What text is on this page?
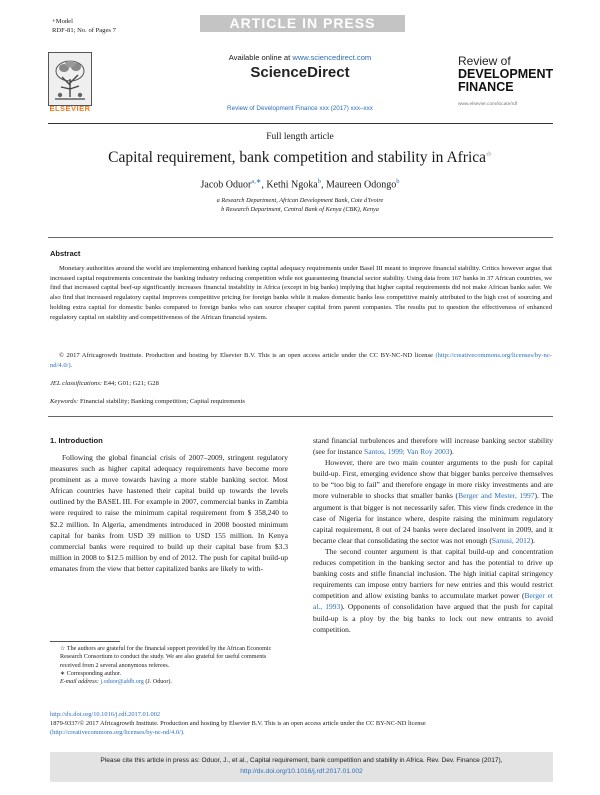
+Model
RDF-81; No. of Pages 7	ARTICLE IN PRESS
ELSEVIER
Available online at www.sciencedirect.com
ScienceDirect
Review of Development Finance xxx (2017) xxx–xxx
Review of
DEVELOPMENT
FINANCE
www.elsevier.com/locate/rdf
Full length article
Capital requirement, bank competition and stability in Africa☆
Jacob Oduor$^{a,∗}$, Kethi Ngoka$^b$, Maureen Odongo$^b$
a Research Department, African Development Bank, Cote d'Ivoire
b Research Department, Central Bank of Kenya (CBK), Kenya
Abstract
Monetary authorities around the world are implementing enhanced banking capital adequacy requirements under Basel III meant to improve financial stability. Critics however argue that increased capital requirements concentrate the banking industry reducing competition while not guaranteeing financial sector stability. Using data from 167 banks in 37 African countries, we find that increased capital beef-up significantly increases financial instability in Africa (except in big banks) implying that higher capital requirements did not make African banks safer. We also find that increased regulatory capital improves competitive pricing for foreign banks while it makes domestic banks less competitive mainly attributed to the high cost of sourcing and holding extra capital for domestic banks compared to foreign banks who can source cheaper capital from parent companies. The results put to question the effectiveness of enhanced regulatory capital on stability and competitiveness of the African financial system.
© 2017 Africagrowth Institute. Production and hosting by Elsevier B.V. This is an open access article under the CC BY-NC-ND license (http://creativecommons.org/licenses/by-nc-nd/4.0/).
JEL classifications: E44; G01; G21; G28
Keywords: Financial stability; Banking competition; Capital requirements
1. Introduction

Following the global financial crisis of 2007–2009, stringent regulatory measures such as higher capital adequacy requirements have become more prominent as a move towards having a more stable banking sector. Most African countries have hastened their capital build up towards the levels outlined by the BASEL III. For example in 2007, commercial banks in Zambia were required to raise the minimum capital requirement from $ 358,240 to $2.2 million. In Algeria, amendments introduced in 2008 boosted minimum capital for banks from USD 39 million to USD 155 million. In Kenya commercial banks were required to build up their capital base from $3.3 million in 2008 to $12.5 million by end of 2012. The push for capital build-up emanates from the view that better capitalized banks are likely to with-

stand financial turbulences and therefore will increase banking sector stability (see for instance Santos, 1999; Van Roy 2003).

However, there are two main counter arguments to the push for capital build-up. First, emerging evidence show that bigger banks perceive themselves to be “too big to fail” and therefore engage in more risky investments and are more vulnerable to shocks that smaller banks (Berger and Mester, 1997). The argument is that bigger is not necessarily safer. This view finds credence in the case of Nigeria for instance where, despite raising the minimum regulatory capital requirement, 8 out of 24 banks were declared insolvent in 2009, and it became clear that consolidating the sector was not enough (Sanusi, 2012).

The second counter argument is that capital build-up and concentration reduces competition in the banking sector and has the potential to drive up banking costs and stifle financial inclusion. The high initial capital stringency requirements can impose entry barriers for new entries and this would restrict competition and allow existing banks to accumulate market power (Berger et al., 1993). Opponents of consolidation have argued that the push for capital build-up is a ploy by the big banks to lock out new entrants to avoid competition.

☆ The authors are grateful for the financial support provided by the African Economic Research Consortium to conduct the study. We are also grateful for useful comments received from 2 several anonymous referees.
∗ Corresponding author.
E-mail address: j.oduor@afdb.org (J. Oduor).
http://dx.doi.org/10.1016/j.rdf.2017.01.002
1879-9337/© 2017 Africagrowth Institute. Production and hosting by Elsevier B.V. This is an open access article under the CC BY-NC-ND license
(http://creativecommons.org/licenses/by-nc-nd/4.0/).
Please cite this article in press as: Oduor, J., et al., Capital requirement, bank competition and stability in Africa. Rev. Dev. Finance (2017),
http://dx.doi.org/10.1016/j.rdf.2017.01.002
